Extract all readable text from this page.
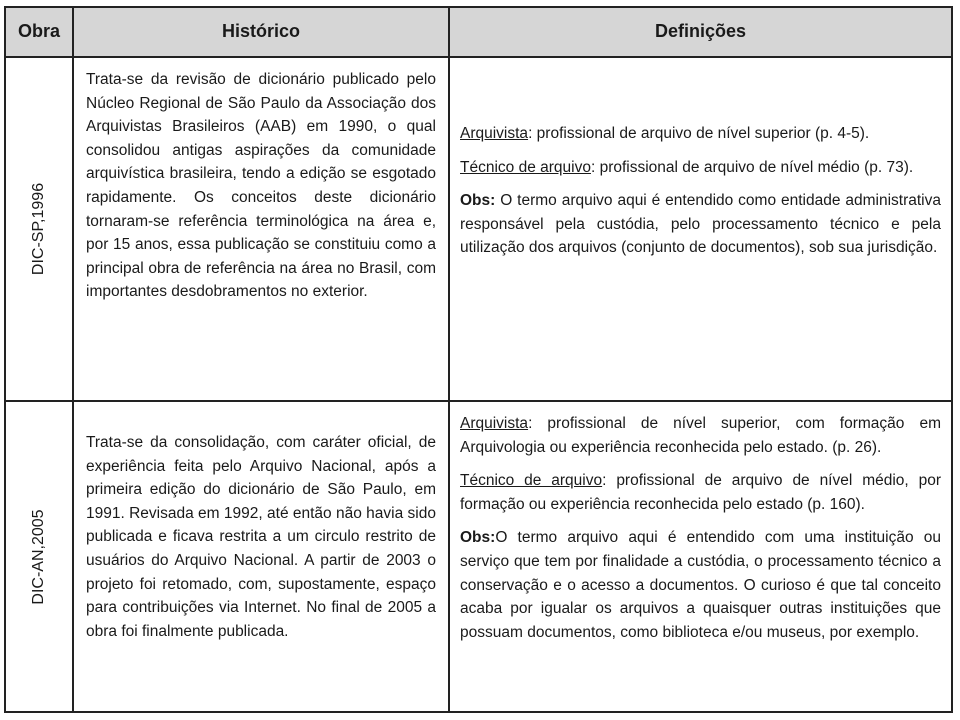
Obra	Histórico	Definições
DIC-SP,1996

Trata-se da revisão de dicionário publicado pelo Núcleo Regional de São Paulo da Associação dos Arquivistas Brasileiros (AAB) em 1990, o qual consolidou antigas aspirações da comunidade arquivística brasileira, tendo a edição se esgotado rapidamente. Os conceitos deste dicionário tornaram-se referência terminológica na área e, por 15 anos, essa publicação se constituiu como a principal obra de referência na área no Brasil, com importantes desdobramentos no exterior.

Arquivista: profissional de arquivo de nível superior (p. 4-5).

Técnico de arquivo: profissional de arquivo de nível médio (p. 73).

Obs: O termo arquivo aqui é entendido como entidade administrativa responsável pela custódia, pelo processamento técnico e pela utilização dos arquivos (conjunto de documentos), sob sua jurisdição.

DIC-AN,2005

Trata-se da consolidação, com caráter oficial, de experiência feita pelo Arquivo Nacional, após a primeira edição do dicionário de São Paulo, em 1991. Revisada em 1992, até então não havia sido publicada e ficava restrita a um circulo restrito de usuários do Arquivo Nacional. A partir de 2003 o projeto foi retomado, com, supostamente, espaço para contribuições via Internet. No final de 2005 a obra foi finalmente publicada.

Arquivista: profissional de nível superior, com formação em Arquivologia ou experiência reconhecida pelo estado. (p. 26).

Técnico de arquivo: profissional de arquivo de nível médio, por formação ou experiência reconhecida pelo estado (p. 160).

Obs:O termo arquivo aqui é entendido com uma instituição ou serviço que tem por finalidade a custódia, o processamento técnico a conservação e o acesso a documentos. O curioso é que tal conceito acaba por igualar os arquivos a quaisquer outras instituições que possuam documentos, como biblioteca e/ou museus, por exemplo.
